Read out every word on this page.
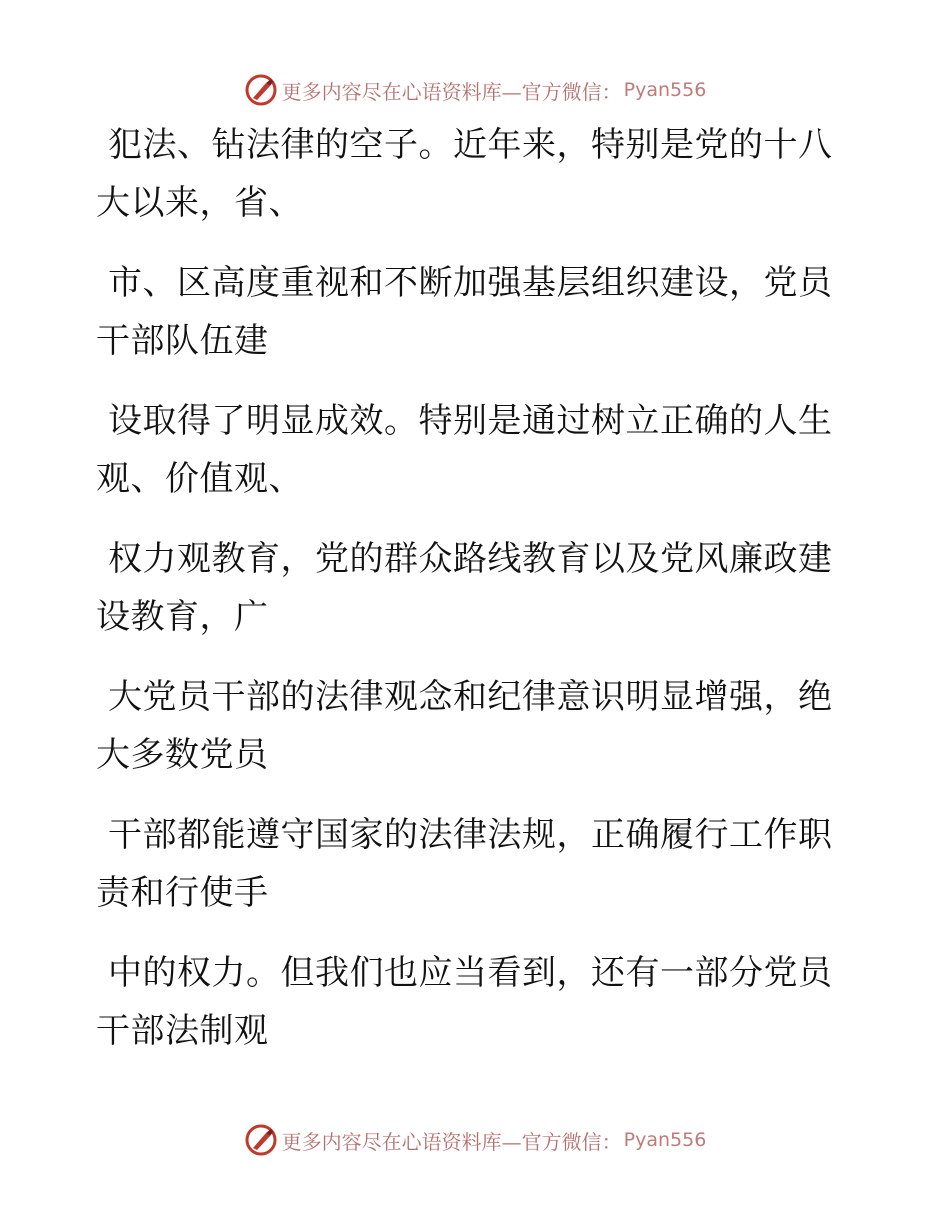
更多内容尽在心语资料库—官方微信： Pyan556

犯法、钻法律的空子。近年来，特别是党的十八
大以来，省、

市、区高度重视和不断加强基层组织建设，党员
干部队伍建

设取得了明显成效。特别是通过树立正确的人生
观、价值观、

权力观教育，党的群众路线教育以及党风廉政建
设教育，广

大党员干部的法律观念和纪律意识明显增强，绝
大多数党员

干部都能遵守国家的法律法规，正确履行工作职
责和行使手

中的权力。但我们也应当看到，还有一部分党员
干部法制观

更多内容尽在心语资料库—官方微信： Pyan556
